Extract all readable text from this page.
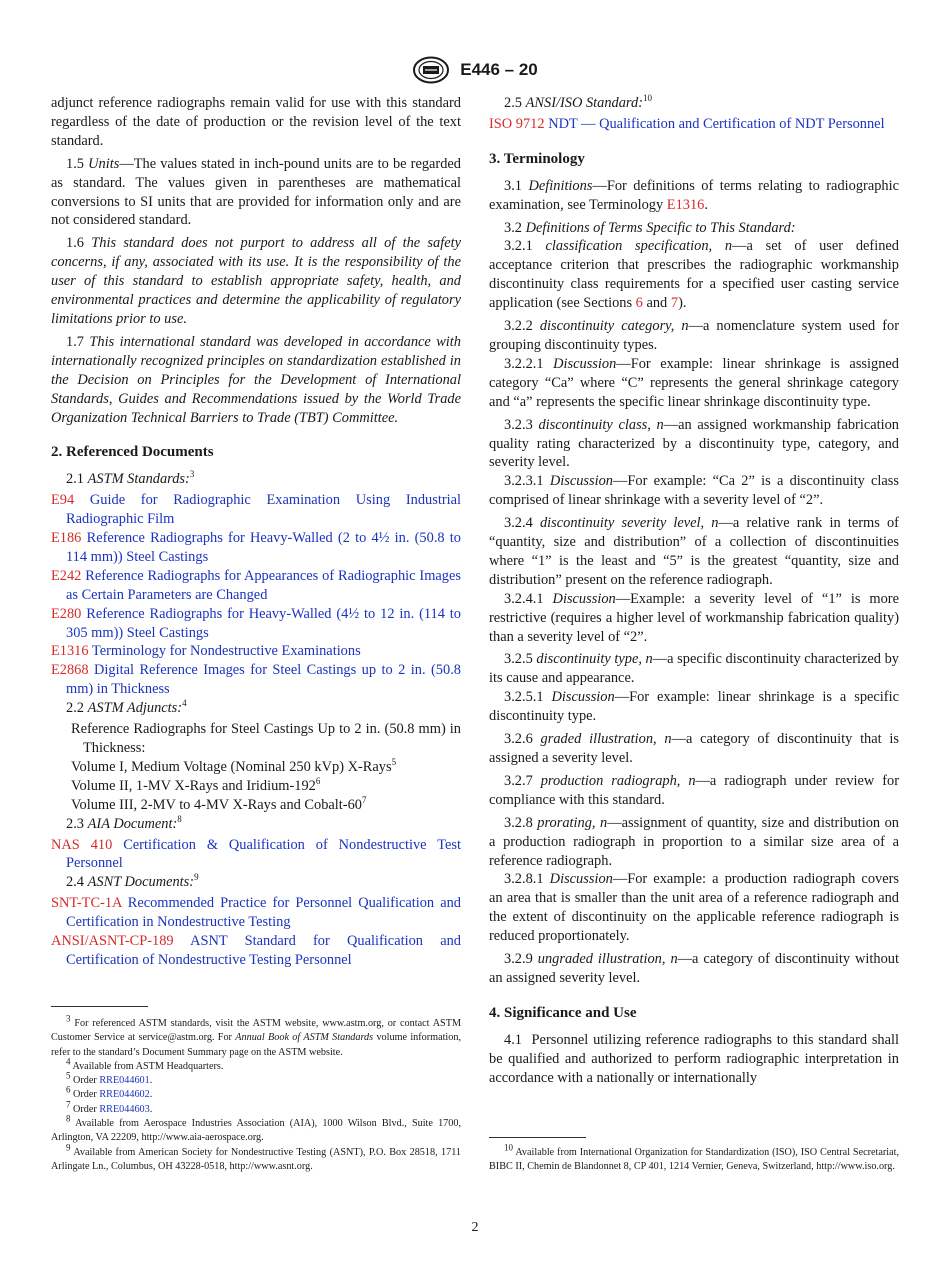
E446 – 20

adjunct reference radiographs remain valid for use with this standard regardless of the date of production or the revision level of the text standard.

1.5 Units—The values stated in inch-pound units are to be regarded as standard. The values given in parentheses are mathematical conversions to SI units that are provided for information only and are not considered standard.

1.6 This standard does not purport to address all of the safety concerns, if any, associated with its use. It is the responsibility of the user of this standard to establish appropriate safety, health, and environmental practices and determine the applicability of regulatory limitations prior to use.

1.7 This international standard was developed in accordance with internationally recognized principles on standardization established in the Decision on Principles for the Development of International Standards, Guides and Recommendations issued by the World Trade Organization Technical Barriers to Trade (TBT) Committee.

2. Referenced Documents
2.1 ASTM Standards:$^3$
E94 Guide for Radiographic Examination Using Industrial Radiographic Film
E186 Reference Radiographs for Heavy-Walled (2 to 4½ in. (50.8 to 114 mm)) Steel Castings
E242 Reference Radiographs for Appearances of Radiographic Images as Certain Parameters are Changed
E280 Reference Radiographs for Heavy-Walled (4½ to 12 in. (114 to 305 mm)) Steel Castings
E1316 Terminology for Nondestructive Examinations
E2868 Digital Reference Images for Steel Castings up to 2 in. (50.8 mm) in Thickness
2.2 ASTM Adjuncts:$^4$
Reference Radiographs for Steel Castings Up to 2 in. (50.8 mm) in Thickness:
Volume I, Medium Voltage (Nominal 250 kVp) X-Rays$^5$
Volume II, 1-MV X-Rays and Iridium-$192^6$
Volume III, 2-MV to 4-MV X-Rays and Cobalt-$60^7$
2.3 AIA Document:$^8$
NAS 410 Certification & Qualification of Nondestructive Test Personnel
2.4 ASNT Documents:$^9$
SNT-TC-1A Recommended Practice for Personnel Qualification and Certification in Nondestructive Testing
ANSI/ASNT-CP-189 ASNT Standard for Qualification and Certification of Nondestructive Testing Personnel

$^3$ For referenced ASTM standards, visit the ASTM website, www.astm.org, or contact ASTM Customer Service at service@astm.org. For Annual Book of ASTM Standards volume information, refer to the standard’s Document Summary page on the ASTM website.

$^4$ Available from ASTM Headquarters.

$^5$ Order RRE044601.

$^6$ Order RRE044602.

$^7$ Order RRE044603.

$^8$ Available from Aerospace Industries Association (AIA), 1000 Wilson Blvd., Suite 1700, Arlington, VA 22209, http://www.aia-aerospace.org.

$^9$ Available from American Society for Nondestructive Testing (ASNT), P.O. Box 28518, 1711 Arlingate Ln., Columbus, OH 43228-0518, http://www.asnt.org.

2.5 ANSI/ISO Standard:$^{10}$
ISO 9712 NDT — Qualification and Certification of NDT Personnel
3. Terminology

3.1 Definitions—For definitions of terms relating to radiographic examination, see Terminology E1316.

3.2 Definitions of Terms Specific to This Standard:

3.2.1 classification specification, n—a set of user defined acceptance criterion that prescribes the radiographic workmanship discontinuity class requirements for a specified user casting service application (see Sections 6 and 7).

3.2.2 discontinuity category, n—a nomenclature system used for grouping discontinuity types.

3.2.2.1 Discussion—For example: linear shrinkage is assigned category “Ca” where “C” represents the general shrinkage category and “a” represents the specific linear shrinkage discontinuity type.

3.2.3 discontinuity class, n—an assigned workmanship fabrication quality rating characterized by a discontinuity type, category, and severity level.

3.2.3.1 Discussion—For example: “Ca 2” is a discontinuity class comprised of linear shrinkage with a severity level of “2”.

3.2.4 discontinuity severity level, n—a relative rank in terms of “quantity, size and distribution” of a collection of discontinuities where “1” is the least and “5” is the greatest “quantity, size and distribution” present on the reference radiograph.

3.2.4.1 Discussion—Example: a severity level of “1” is more restrictive (requires a higher level of workmanship fabrication quality) than a severity level of “2”.

3.2.5 discontinuity type, n—a specific discontinuity characterized by its cause and appearance.

3.2.5.1 Discussion—For example: linear shrinkage is a specific discontinuity type.

3.2.6 graded illustration, n—a category of discontinuity that is assigned a severity level.

3.2.7 production radiograph, n—a radiograph under review for compliance with this standard.

3.2.8 prorating, n—assignment of quantity, size and distribution on a production radiograph in proportion to a similar size area of a reference radiograph.

3.2.8.1 Discussion—For example: a production radiograph covers an area that is smaller than the unit area of a reference radiograph and the extent of discontinuity on the applicable reference radiograph is reduced proportionately.

3.2.9 ungraded illustration, n—a category of discontinuity without an assigned severity level.

4. Significance and Use

4.1 Personnel utilizing reference radiographs to this standard shall be qualified and authorized to perform radiographic interpretation in accordance with a nationally or internationally

$^{10}$ Available from International Organization for Standardization (ISO), ISO Central Secretariat, BIBC II, Chemin de Blandonnet 8, CP 401, 1214 Vernier, Geneva, Switzerland, http://www.iso.org.

2
